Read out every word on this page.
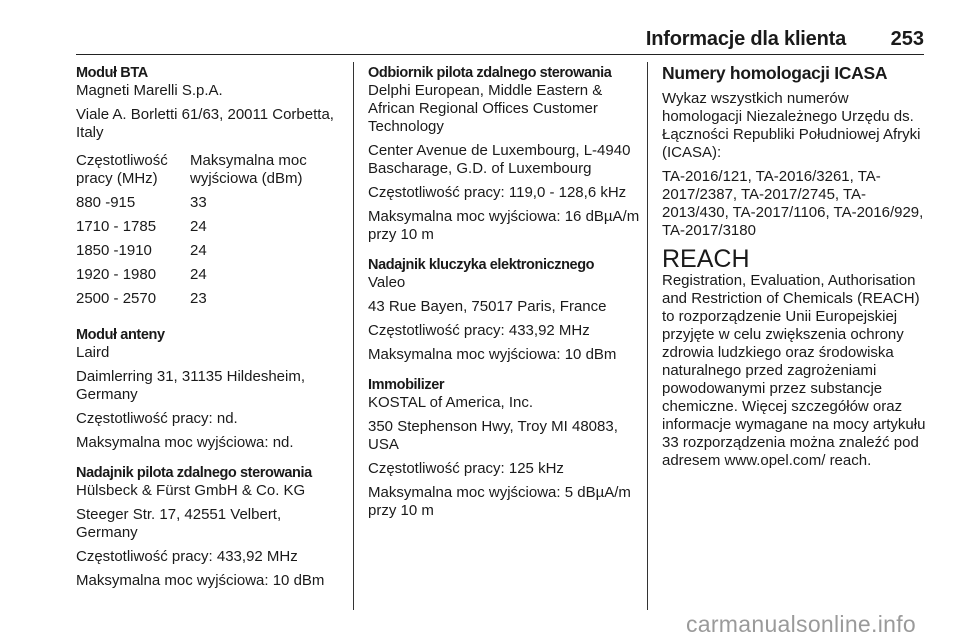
Informacje dla klienta 253
Moduł BTA
Magneti Marelli S.p.A.
Viale A. Borletti 61/63, 20011 Corbetta, Italy
Częstotliwość pracy (MHz)	Maksymalna moc wyjściowa (dBm)
880 -915	33
1710 - 1785	24
1850 -1910	24
1920 - 1980	24
2500 - 2570	23
Moduł anteny
Laird
Daimlerring 31, 31135 Hildesheim, Germany
Częstotliwość pracy: nd.
Maksymalna moc wyjściowa: nd.
Nadajnik pilota zdalnego sterowania
Hülsbeck & Fürst GmbH & Co. KG
Steeger Str. 17, 42551 Velbert, Germany
Częstotliwość pracy: 433,92 MHz
Maksymalna moc wyjściowa: 10 dBm
Odbiornik pilota zdalnego sterowania
Delphi European, Middle Eastern & African Regional Offices Customer Technology
Center Avenue de Luxembourg, L-4940 Bascharage, G.D. of Luxembourg
Częstotliwość pracy: 119,0 - 128,6 kHz
Maksymalna moc wyjściowa: 16 dBµA/m przy 10 m
Nadajnik kluczyka elektronicznego
Valeo
43 Rue Bayen, 75017 Paris, France
Częstotliwość pracy: 433,92 MHz
Maksymalna moc wyjściowa: 10 dBm
Immobilizer
KOSTAL of America, Inc.
350 Stephenson Hwy, Troy MI 48083, USA
Częstotliwość pracy: 125 kHz
Maksymalna moc wyjściowa: 5 dBµA/m przy 10 m
Numery homologacji ICASA
Wykaz wszystkich numerów homologacji Niezależnego Urzędu ds. Łączności Republiki Południowej Afryki (ICASA):
TA-2016/121, TA-2016/3261, TA-2017/2387, TA-2017/2745, TA-2013/430, TA-2017/1106, TA-2016/929, TA-2017/3180
REACH
Registration, Evaluation, Authorisation and Restriction of Chemicals (REACH) to rozporządzenie Unii Europejskiej przyjęte w celu zwiększenia ochrony zdrowia ludzkiego oraz środowiska naturalnego przed zagrożeniami powodowanymi przez substancje chemiczne. Więcej szczegółów oraz informacje wymagane na mocy artykułu 33 rozporządzenia można znaleźć pod adresem www.opel.com/ reach.
carmanualsonline.info
